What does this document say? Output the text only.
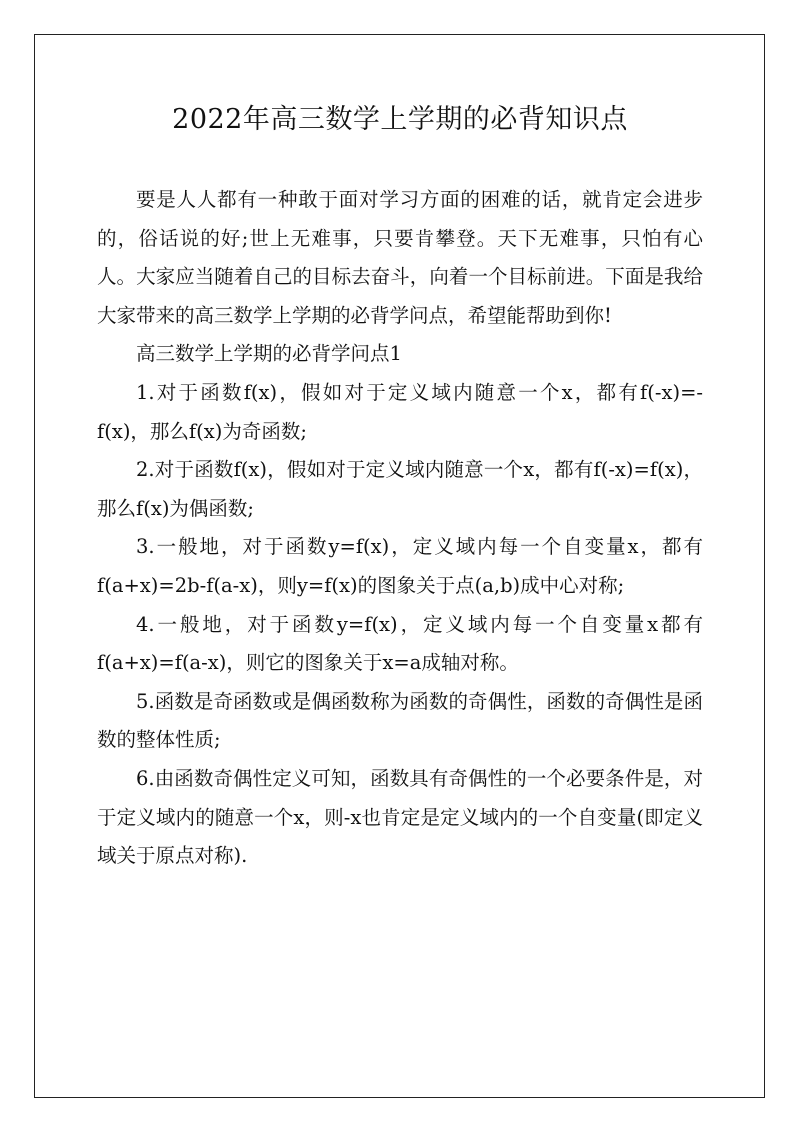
2022年高三数学上学期的必背知识点

要是人人都有一种敢于面对学习方面的困难的话，就肯定会进步的，俗话说的好;世上无难事，只要肯攀登。天下无难事，只怕有心人。大家应当随着自己的目标去奋斗，向着一个目标前进。下面是我给大家带来的高三数学上学期的必背学问点，希望能帮助到你!

高三数学上学期的必背学问点1

1.对于函数f(x)，假如对于定义域内随意一个x，都有f(-x)=-f(x)，那么f(x)为奇函数;

2.对于函数f(x)，假如对于定义域内随意一个x，都有f(-x)=f(x)，那么f(x)为偶函数;

3.一般地，对于函数y=f(x)，定义域内每一个自变量x，都有f(a+x)=2b-f(a-x)，则y=f(x)的图象关于点(a,b)成中心对称;

4.一般地，对于函数y=f(x)，定义域内每一个自变量x都有f(a+x)=f(a-x)，则它的图象关于x=a成轴对称。

5.函数是奇函数或是偶函数称为函数的奇偶性，函数的奇偶性是函数的整体性质;

6.由函数奇偶性定义可知，函数具有奇偶性的一个必要条件是，对于定义域内的随意一个x，则-x也肯定是定义域内的一个自变量(即定义域关于原点对称).
